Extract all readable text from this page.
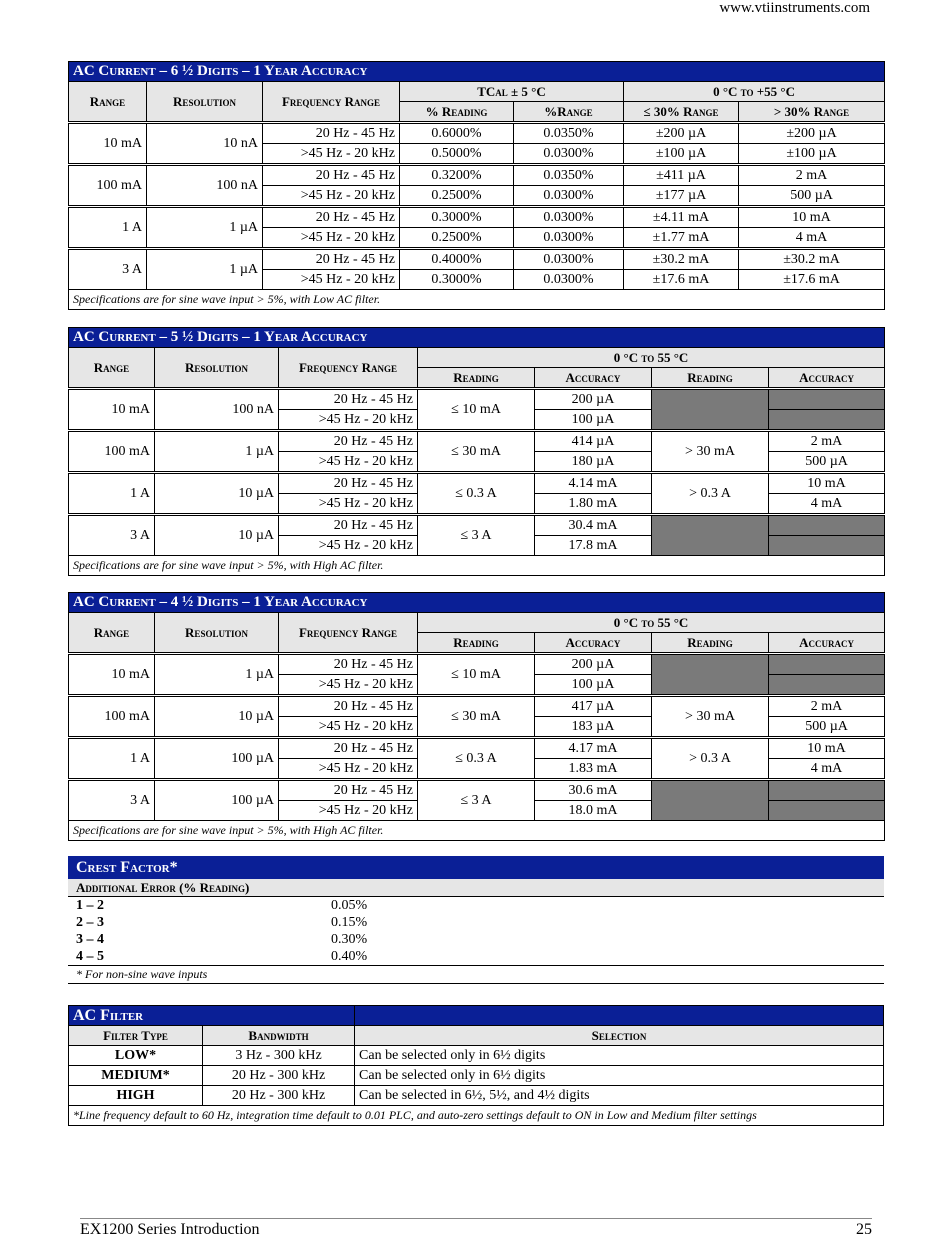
www.vtiinstruments.com
AC Current – 6 ½ Digits – 1 Year Accuracy						
Range	Resolution	Frequency Range	TCal ± 5 °C		0 °C to +55 °C	
			% Reading	%Range	≤ 30% Range	> 30% Range
10 mA	10 nA	20 Hz - 45 Hz	0.6000%	0.0350%	±200 µA	±200 µA
		>45 Hz - 20 kHz	0.5000%	0.0300%	±100 µA	±100 µA
100 mA	100 nA	20 Hz - 45 Hz	0.3200%	0.0350%	±411 µA	2 mA
		>45 Hz - 20 kHz	0.2500%	0.0300%	±177 µA	500 µA
1 A	1 µA	20 Hz - 45 Hz	0.3000%	0.0300%	±4.11 mA	10 mA
		>45 Hz - 20 kHz	0.2500%	0.0300%	±1.77 mA	4 mA
3 A	1 µA	20 Hz - 45 Hz	0.4000%	0.0300%	±30.2 mA	±30.2 mA
		>45 Hz - 20 kHz	0.3000%	0.0300%	±17.6 mA	±17.6 mA
Specifications are for sine wave input > 5%, with Low AC filter.						
AC Current – 5 ½ Digits – 1 Year Accuracy						
Range	Resolution	Frequency Range	0 °C to 55 °C			
			Reading	Accuracy	Reading	Accuracy
10 mA	100 nA	20 Hz - 45 Hz	≤ 10 mA	200 µA		
		>45 Hz - 20 kHz		100 µA		
100 mA	1 µA	20 Hz - 45 Hz	≤ 30 mA	414 µA	> 30 mA	2 mA
		>45 Hz - 20 kHz		180 µA		500 µA
1 A	10 µA	20 Hz - 45 Hz	≤ 0.3 A	4.14 mA	> 0.3 A	10 mA
		>45 Hz - 20 kHz		1.80 mA		4 mA
3 A	10 µA	20 Hz - 45 Hz	≤ 3 A	30.4 mA		
		>45 Hz - 20 kHz		17.8 mA		
Specifications are for sine wave input > 5%, with High AC filter.						
AC Current – 4 ½ Digits – 1 Year Accuracy						
Range	Resolution	Frequency Range	0 °C to 55 °C			
			Reading	Accuracy	Reading	Accuracy
10 mA	1 µA	20 Hz - 45 Hz	≤ 10 mA	200 µA		
		>45 Hz - 20 kHz		100 µA		
100 mA	10 µA	20 Hz - 45 Hz	≤ 30 mA	417 µA	> 30 mA	2 mA
		>45 Hz - 20 kHz		183 µA		500 µA
1 A	100 µA	20 Hz - 45 Hz	≤ 0.3 A	4.17 mA	> 0.3 A	10 mA
		>45 Hz - 20 kHz		1.83 mA		4 mA
3 A	100 µA	20 Hz - 45 Hz	≤ 3 A	30.6 mA		
		>45 Hz - 20 kHz		18.0 mA		
Specifications are for sine wave input > 5%, with High AC filter.						
Crest Factor*	
Additional Error (% Reading)	
1 – 2	0.05%
2 – 3	0.15%
3 – 4	0.30%
4 – 5	0.40%
* For non-sine wave inputs	
AC Filter		
Filter Type	Bandwidth	Selection
LOW*	3 Hz - 300 kHz	Can be selected only in 6½ digits
MEDIUM*	20 Hz - 300 kHz	Can be selected only in 6½ digits
HIGH	20 Hz - 300 kHz	Can be selected in 6½, 5½, and 4½ digits
*Line frequency default to 60 Hz, integration time default to 0.01 PLC, and auto-zero settings default to ON in Low and Medium filter settings		
EX1200 Series Introduction	25
